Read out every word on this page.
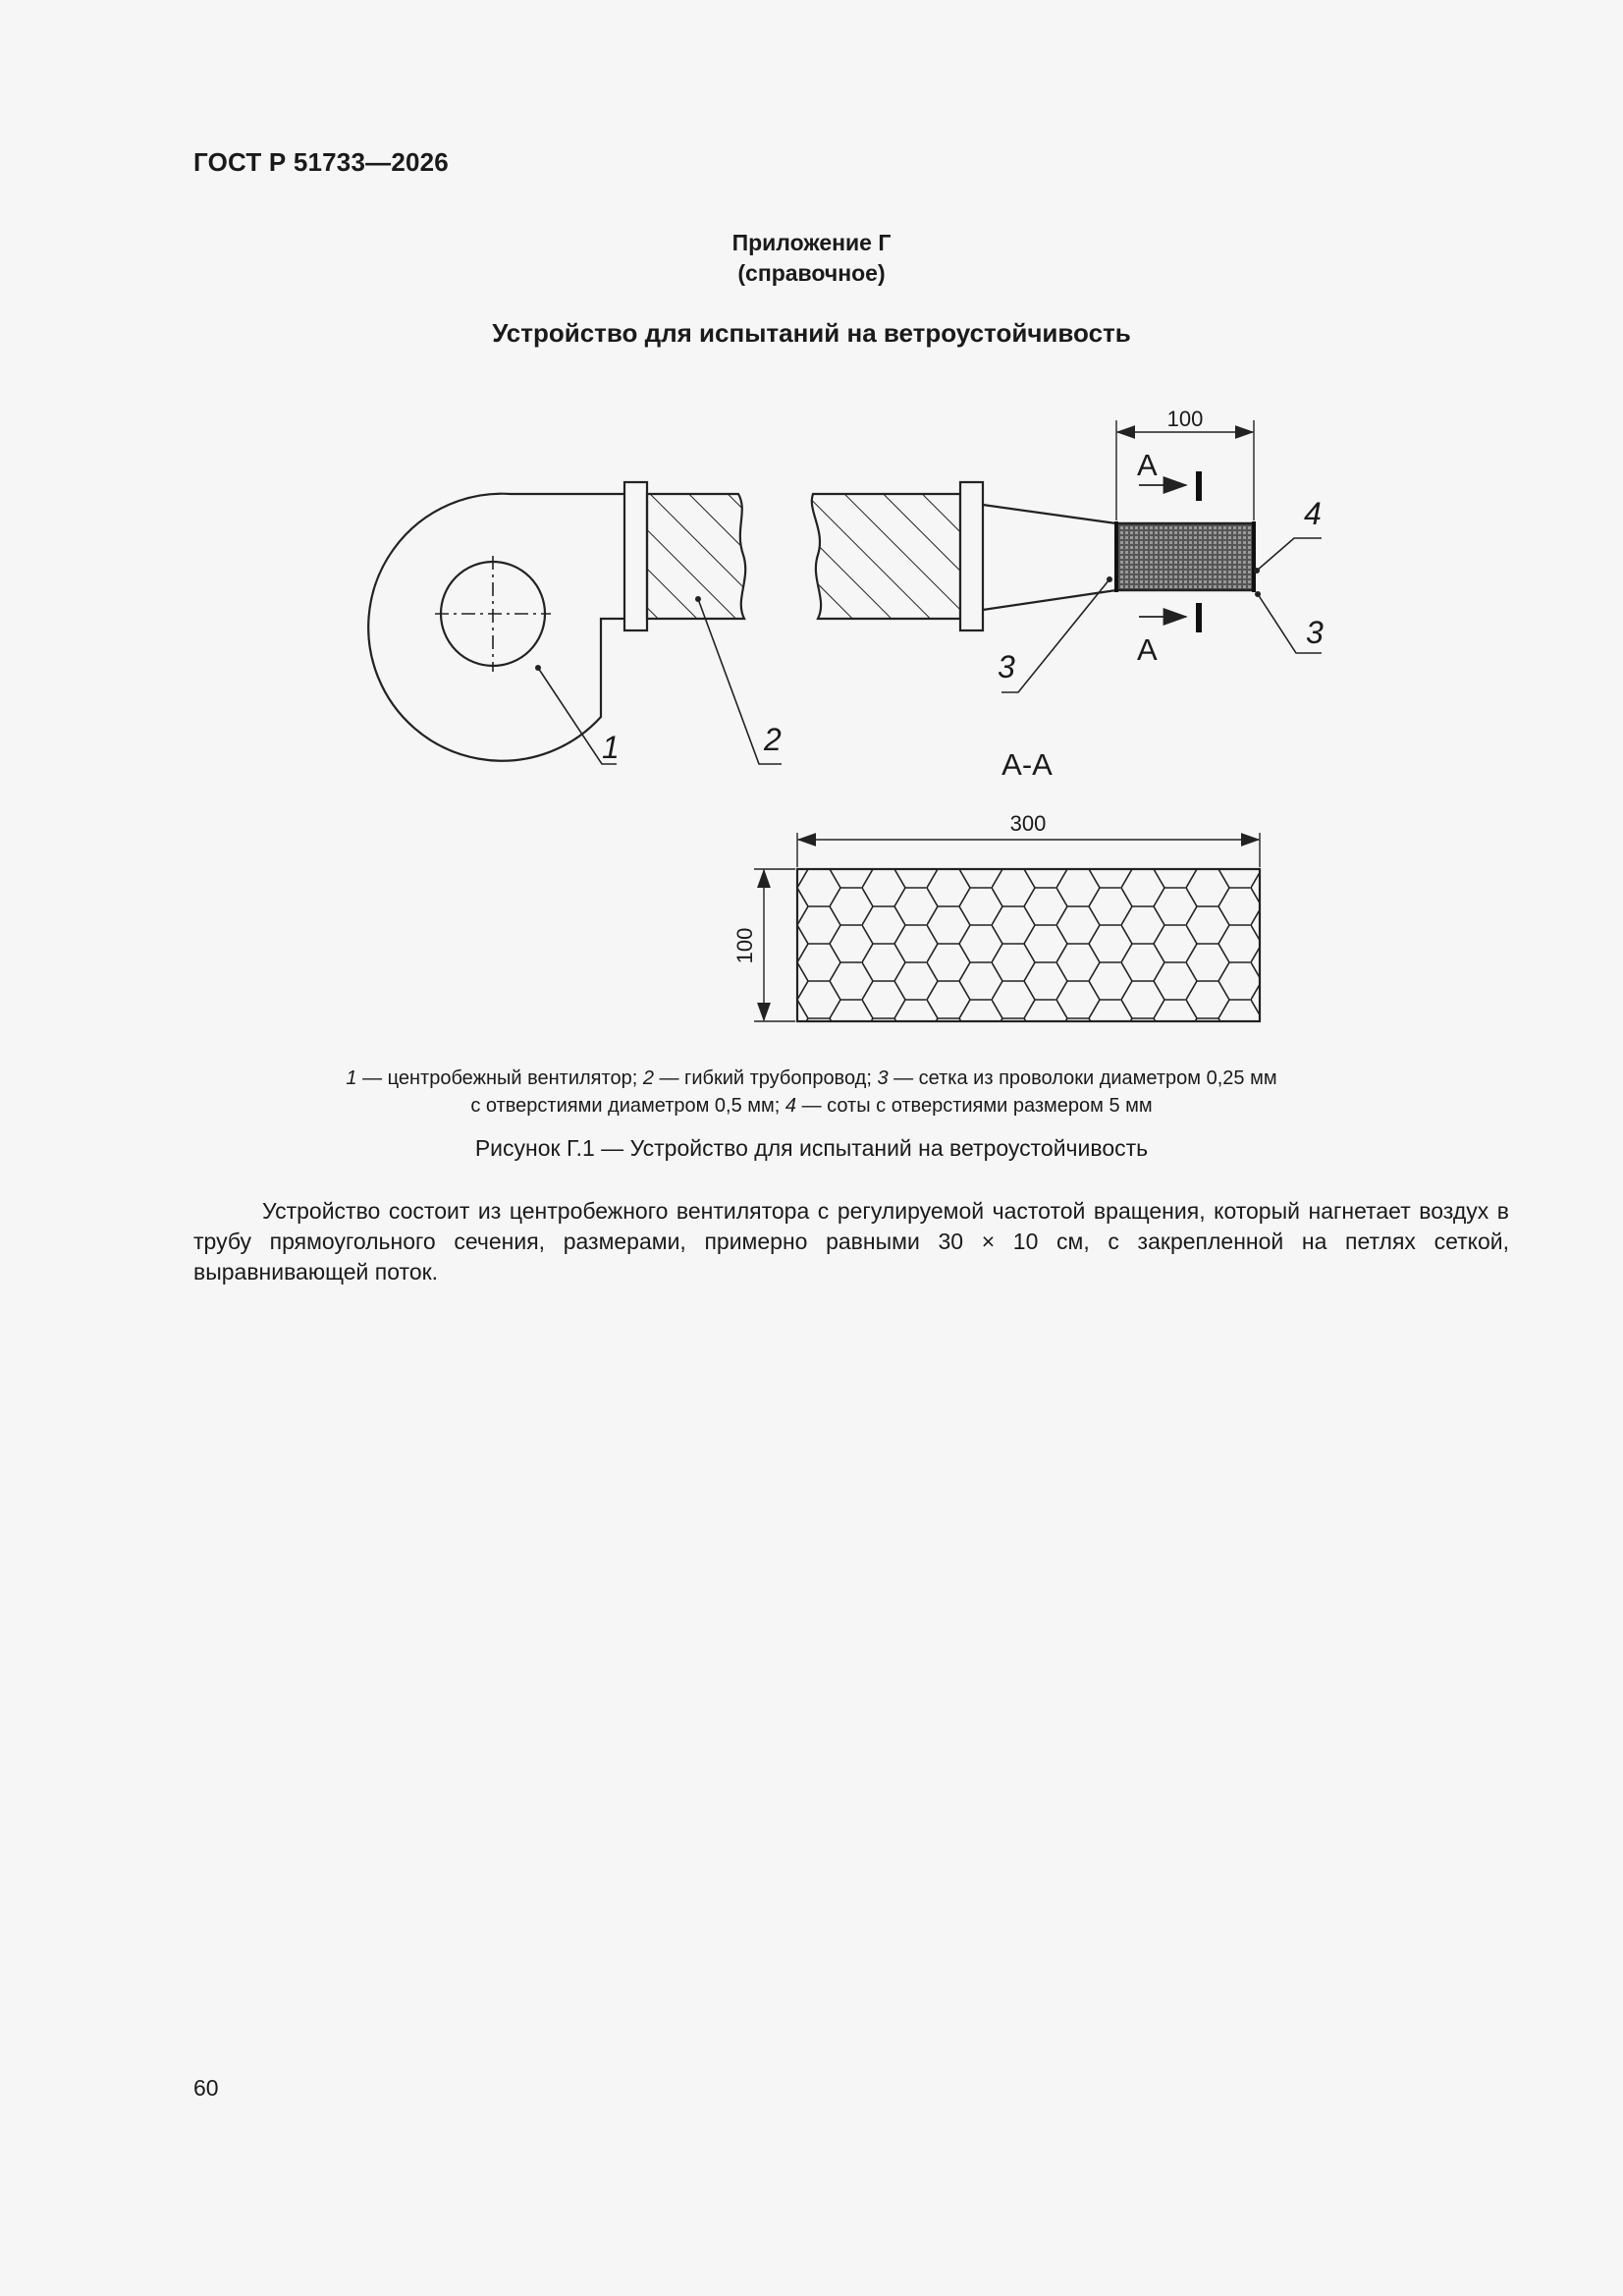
ГОСТ Р 51733—2026
Приложение Г
(справочное)
Устройство для испытаний на ветроустойчивость
100
А
А
1	2
3
3
4
А-А
300
100
1 — центробежный вентилятор; 2 — гибкий трубопровод; 3 — сетка из проволоки диаметром 0,25 мм
с отверстиями диаметром 0,5 мм; 4 — соты с отверстиями размером 5 мм
Рисунок Г.1 — Устройство для испытаний на ветроустойчивость

Устройство состоит из центробежного вентилятора с регулируемой частотой вращения, который нагнетает воздух в трубу прямоугольного сечения, размерами, примерно равными 30 × 10 см, с закрепленной на петлях сеткой, выравнивающей поток.

60
